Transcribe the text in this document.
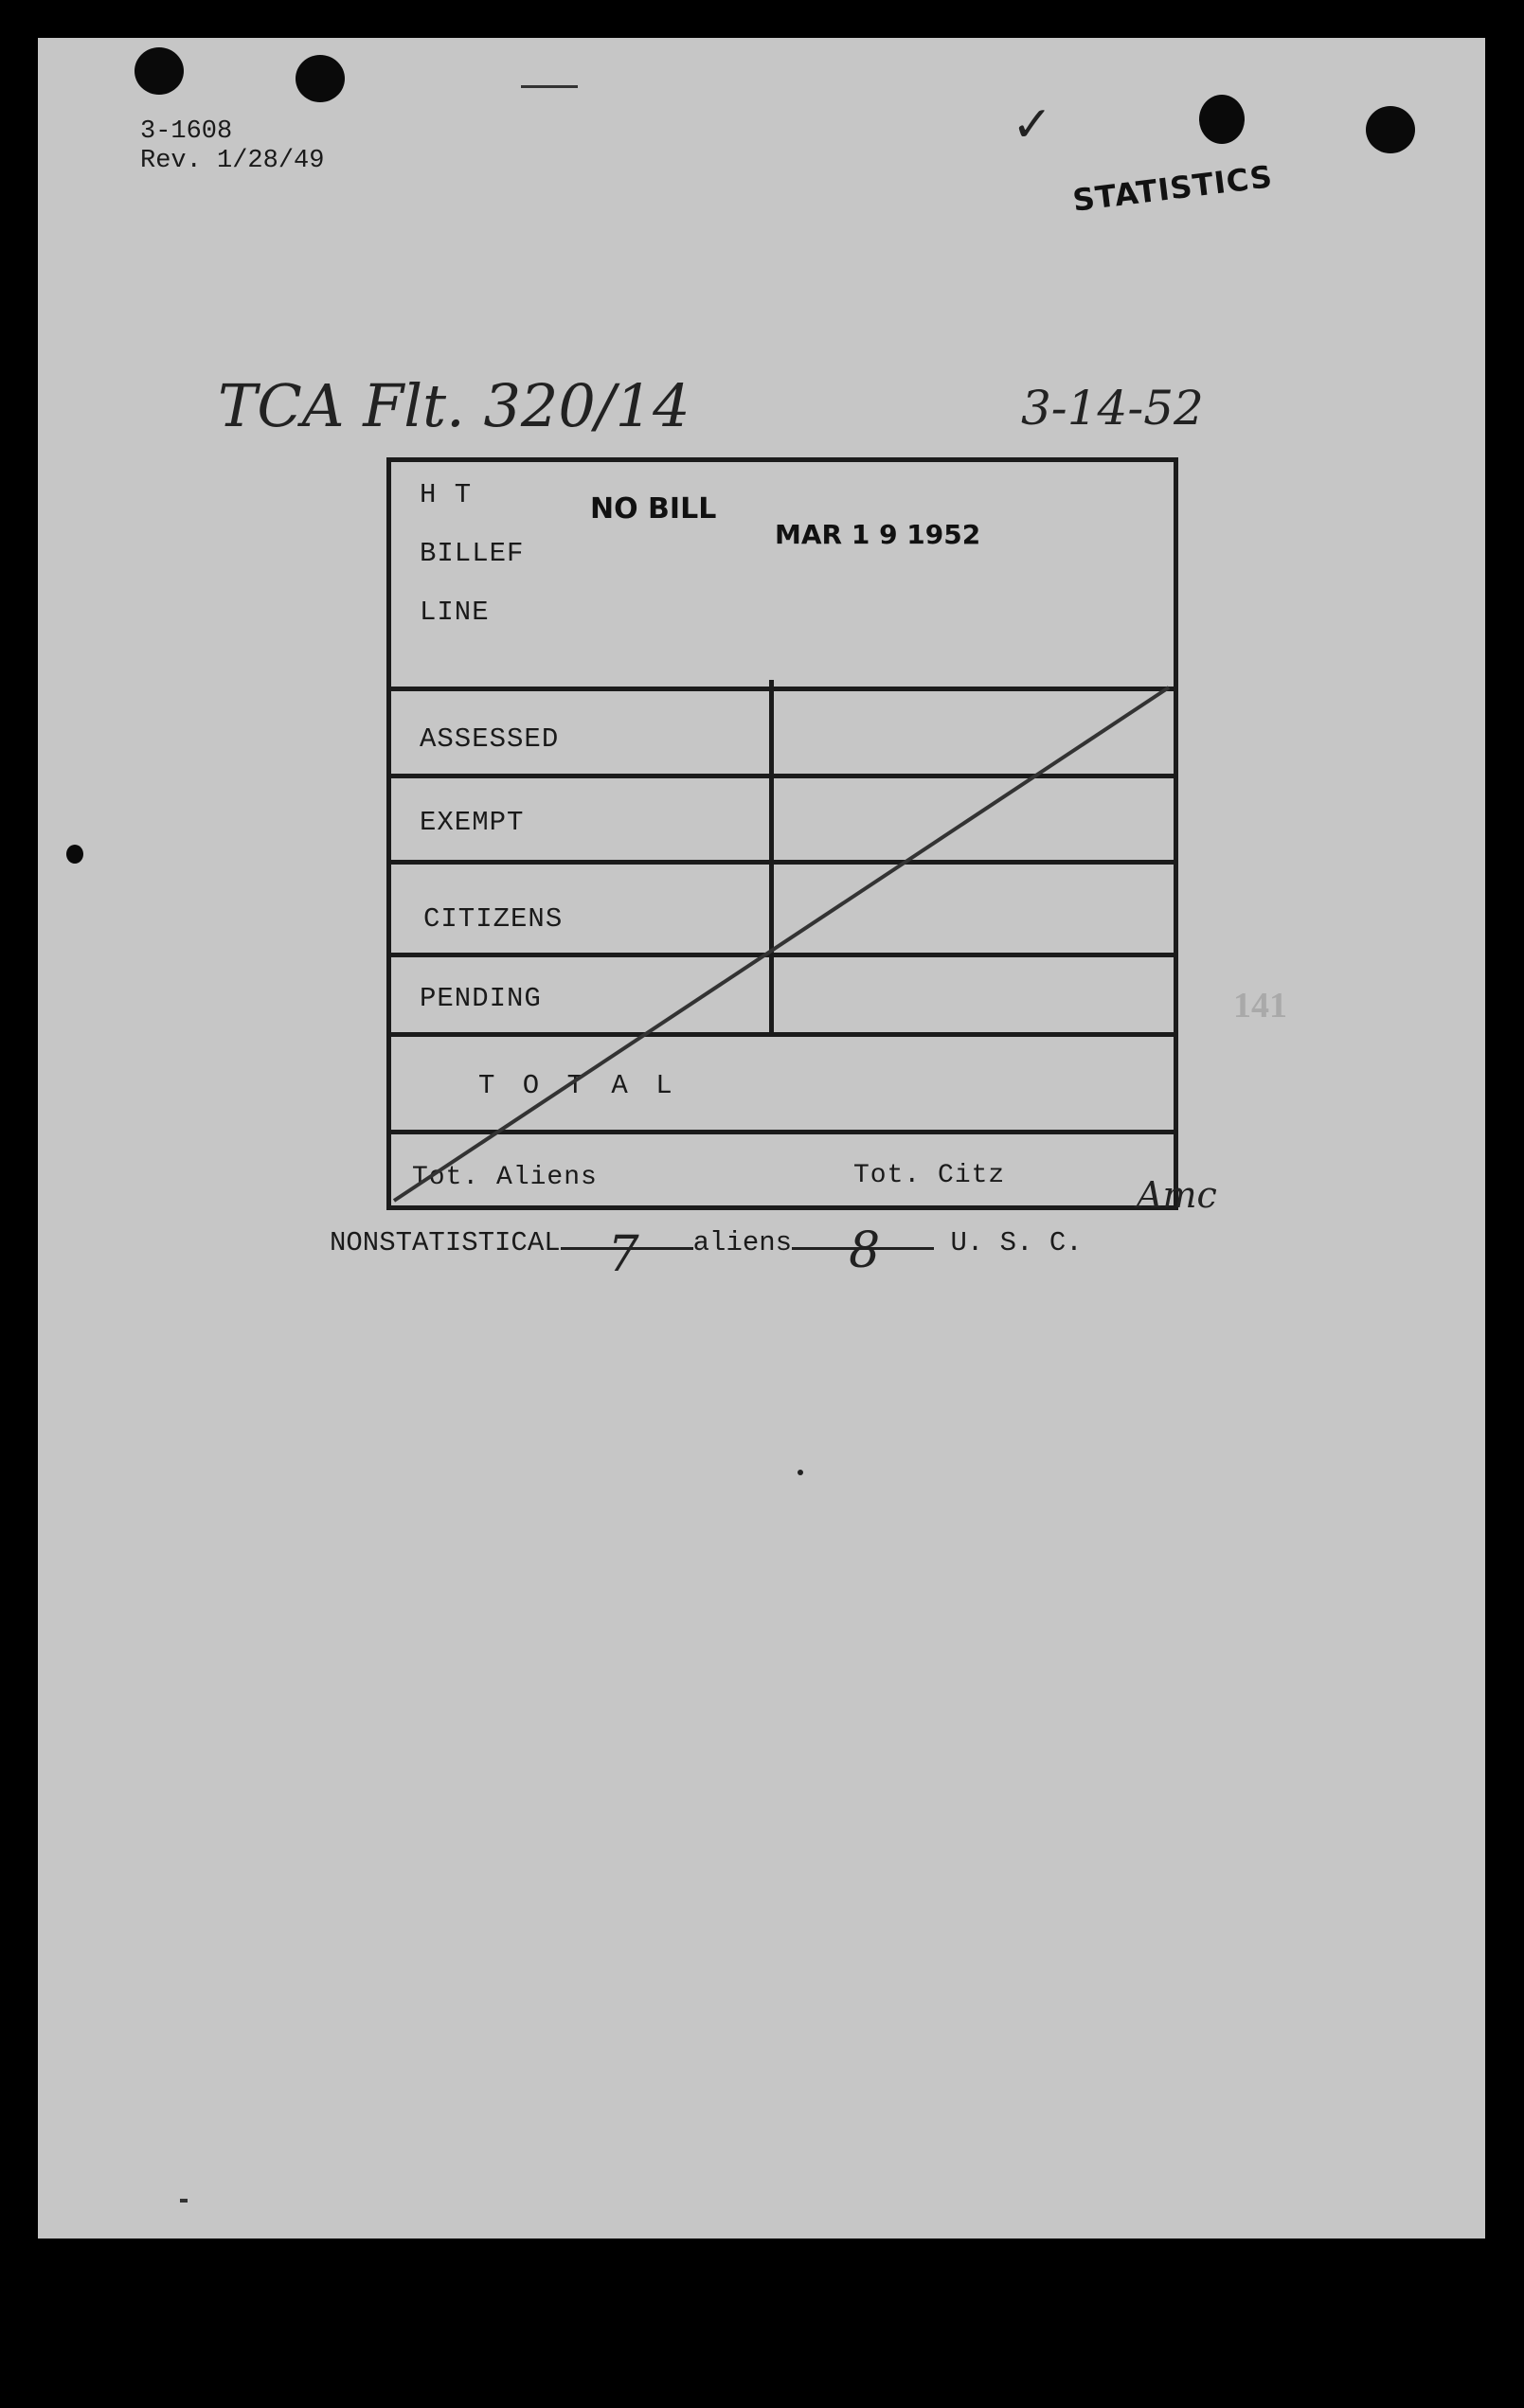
3-1608
Rev. 1/28/49
✓
STATISTICS
TCA Flt. 320/14	3-14-52
H T
BILLEF
LINE
NO BILL
MAR 1 9 1952
ASSESSED
EXEMPT
CITIZENS
PENDING
T O T A L
Tot. Aliens	Tot. Citz	Amc
NONSTATISTICAL 7 aliens 8	U. S. C.
141
